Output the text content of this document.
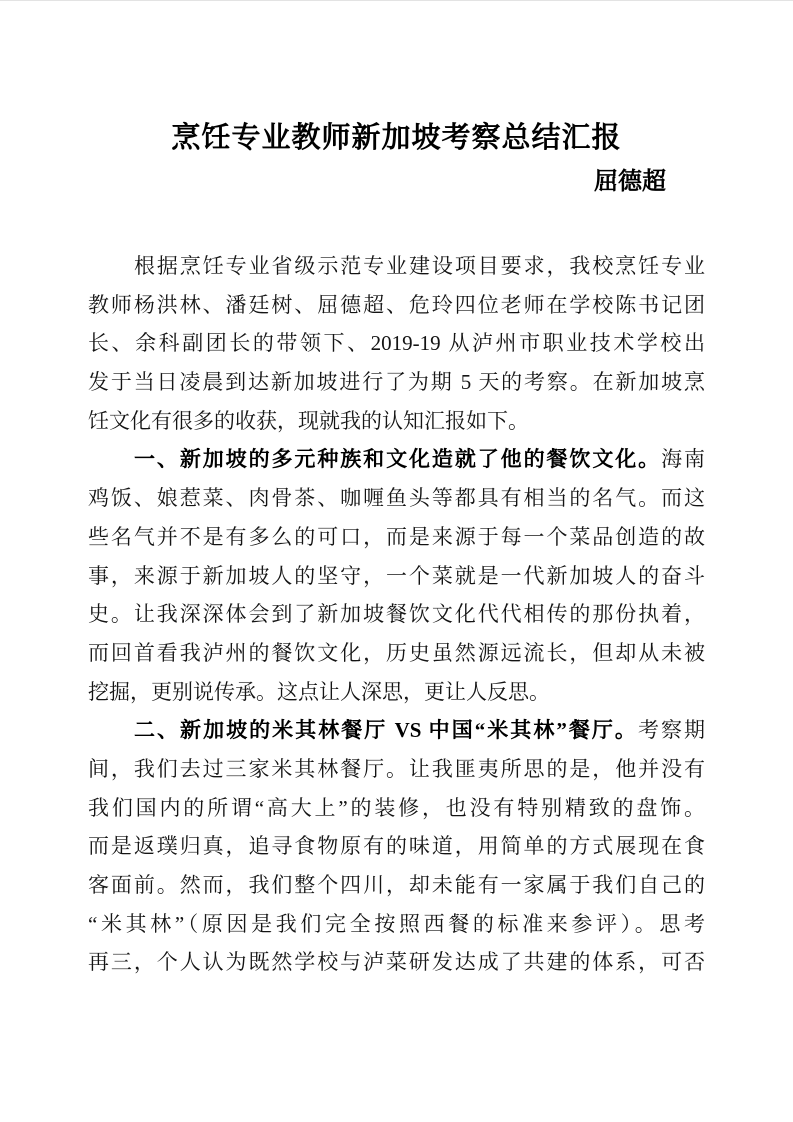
烹饪专业教师新加坡考察总结汇报
屈德超
根据烹饪专业省级示范专业建设项目要求，我校烹饪专业
教师杨洪林、潘廷树、屈德超、危玲四位老师在学校陈书记团
长、余科副团长的带领下、2019-19 从泸州市职业技术学校出
发于当日凌晨到达新加坡进行了为期 5 天的考察。在新加坡烹
饪文化有很多的收获，现就我的认知汇报如下。
一、新加坡的多元种族和文化造就了他的餐饮文化。海南
鸡饭、娘惹菜、肉骨茶、咖喱鱼头等都具有相当的名气。而这
些名气并不是有多么的可口，而是来源于每一个菜品创造的故
事，来源于新加坡人的坚守，一个菜就是一代新加坡人的奋斗
史。让我深深体会到了新加坡餐饮文化代代相传的那份执着，
而回首看我泸州的餐饮文化，历史虽然源远流长，但却从未被
挖掘，更别说传承。这点让人深思，更让人反思。
二、新加坡的米其林餐厅 VS 中国“米其林”餐厅。考察期
间，我们去过三家米其林餐厅。让我匪夷所思的是，他并没有
我们国内的所谓“高大上”的装修，也没有特别精致的盘饰。
而是返璞归真，追寻食物原有的味道，用简单的方式展现在食
客面前。然而，我们整个四川，却未能有一家属于我们自己的
“米其林”（原因是我们完全按照西餐的标准来参评）。思考
再三，个人认为既然学校与泸菜研发达成了共建的体系，可否
